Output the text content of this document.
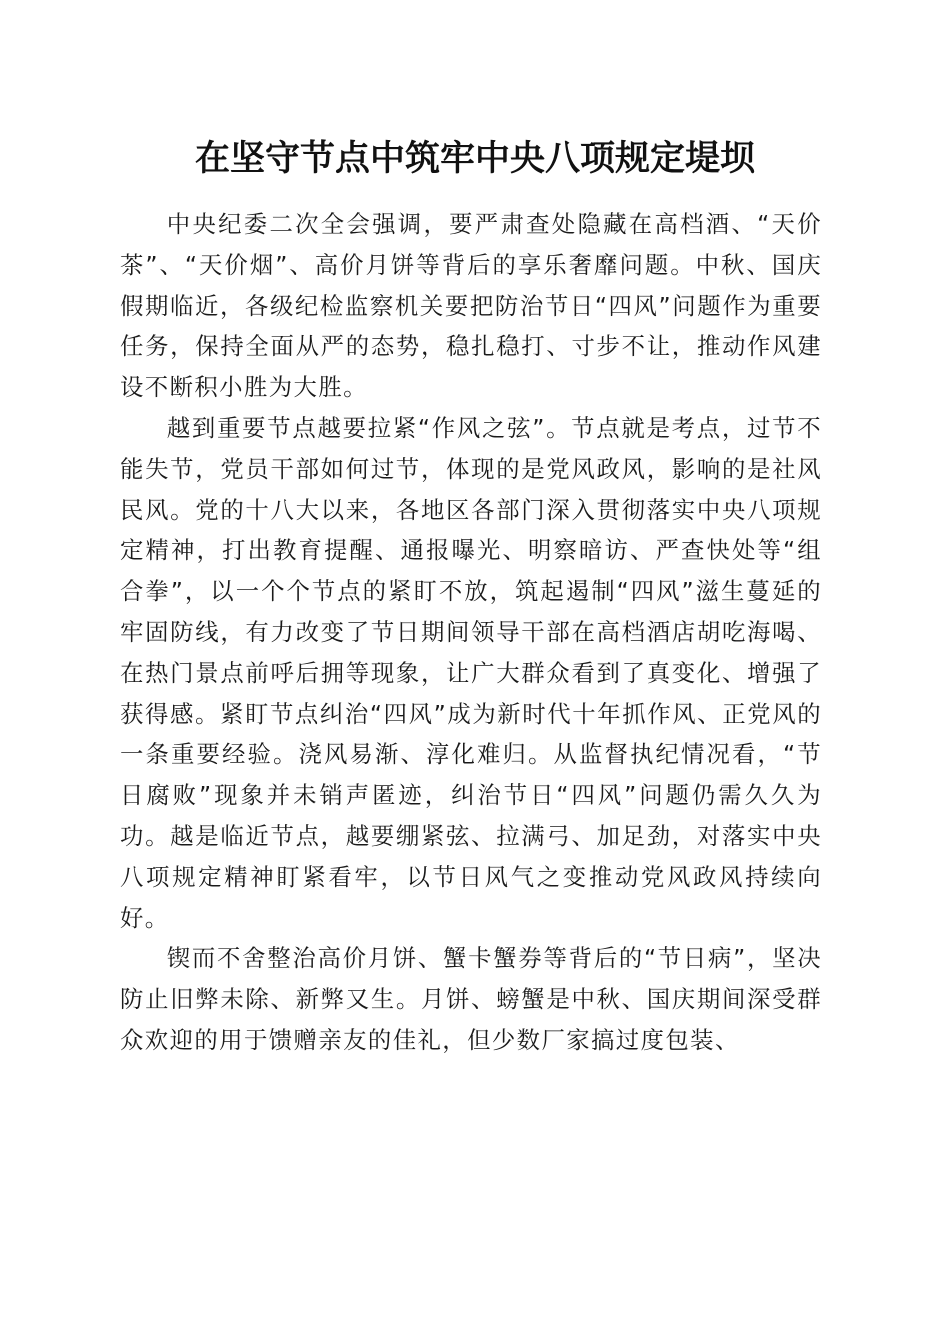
在坚守节点中筑牢中央八项规定堤坝

中央纪委二次全会强调，要严肃查处隐藏在高档酒、“天价茶”、“天价烟”、高价月饼等背后的享乐奢靡问题。中秋、国庆假期临近，各级纪检监察机关要把防治节日“四风”问题作为重要任务，保持全面从严的态势，稳扎稳打、寸步不让，推动作风建设不断积小胜为大胜。

越到重要节点越要拉紧“作风之弦”。节点就是考点，过节不能失节，党员干部如何过节，体现的是党风政风，影响的是社风民风。党的十八大以来，各地区各部门深入贯彻落实中央八项规定精神，打出教育提醒、通报曝光、明察暗访、严查快处等“组合拳”，以一个个节点的紧盯不放，筑起遏制“四风”滋生蔓延的牢固防线，有力改变了节日期间领导干部在高档酒店胡吃海喝、在热门景点前呼后拥等现象，让广大群众看到了真变化、增强了获得感。紧盯节点纠治“四风”成为新时代十年抓作风、正党风的一条重要经验。浇风易渐、淳化难归。从监督执纪情况看，“节日腐败”现象并未销声匿迹，纠治节日“四风”问题仍需久久为功。越是临近节点，越要绷紧弦、拉满弓、加足劲，对落实中央八项规定精神盯紧看牢，以节日风气之变推动党风政风持续向好。

锲而不舍整治高价月饼、蟹卡蟹券等背后的“节日病”，坚决防止旧弊未除、新弊又生。月饼、螃蟹是中秋、国庆期间深受群众欢迎的用于馈赠亲友的佳礼，但少数厂家搞过度包装、
